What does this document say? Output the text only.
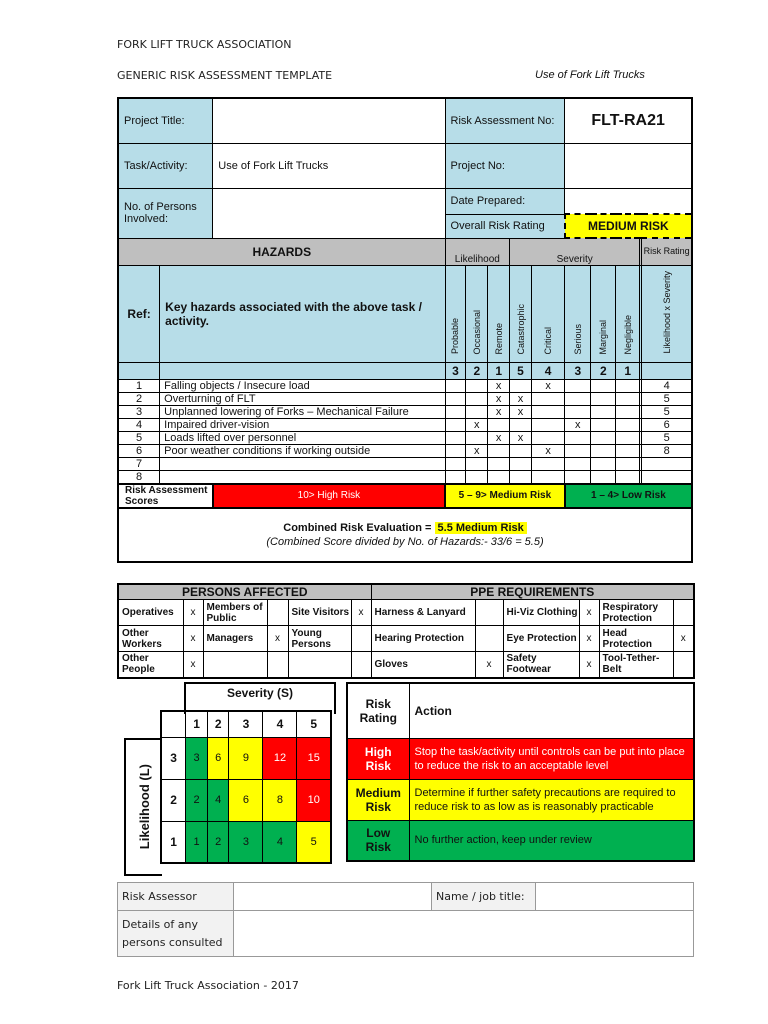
FORK LIFT TRUCK ASSOCIATION
GENERIC RISK ASSESSMENT TEMPLATE	Use of Fork Lift Trucks
Project Title:			Risk Assessment No:					FLT-RA21				
Task/Activity:		Use of Fork Lift Trucks	Project No:									
No. of Persons Involved:			Date Prepared:									
			Overall Risk Rating					MEDIUM RISK				
HAZARDS			Likelihood			Severity						Risk Rating
Ref:	Key hazards associated with the above task / activity.		Probable	Occasional	Remote	Catastrophic	Critical	Serious	Marginal	Negligible		Likelihood x Severity
			3	2	1	5	4	3	2	1		
1	Falling objects / Insecure load				x		x					4
2	Overturning of FLT				x	x						5
3	Unplanned lowering of Forks – Mechanical Failure				x	x						5
4	Impaired driver-vision			x				x				6
5	Loads lifted over personnel				x	x						5
6	Poor weather conditions if working outside			x			x					8
7												
8												
Risk Assessment Scores		10> High Risk	5 – 9> Medium Risk					1 – 4> Low Risk				
Combined Risk Evaluation = 5.5 Medium Risk
(Combined Score divided by No. of Hazards:- 33/6 = 5.5)												
PERSONS AFFECTED						PPE REQUIREMENTS					
Operatives	x	Members of Public		Site Visitors	x	Harness & Lanyard		Hi-Viz Clothing	x	Respiratory Protection	
Other Workers	x	Managers	x	Young Persons		Hearing Protection		Eye Protection	x	Head Protection	x
Other People	x					Gloves	x	Safety Footwear	x	Tool-Tether-Belt	
Severity (S)
Likelihood (L)
	1	2	3	4	5
3	3	6	9	12	15
2	2	4	6	8	10
1	1	2	3	4	5
Risk Rating	Action
High Risk	Stop the task/activity until controls can be put into place to reduce the risk to an acceptable level
Medium Risk	Determine if further safety precautions are required to reduce risk to as low as is reasonably practicable
Low Risk	No further action, keep under review
Risk Assessor		Name / job title:	
Details of any persons consulted			
Fork Lift Truck Association - 2017
